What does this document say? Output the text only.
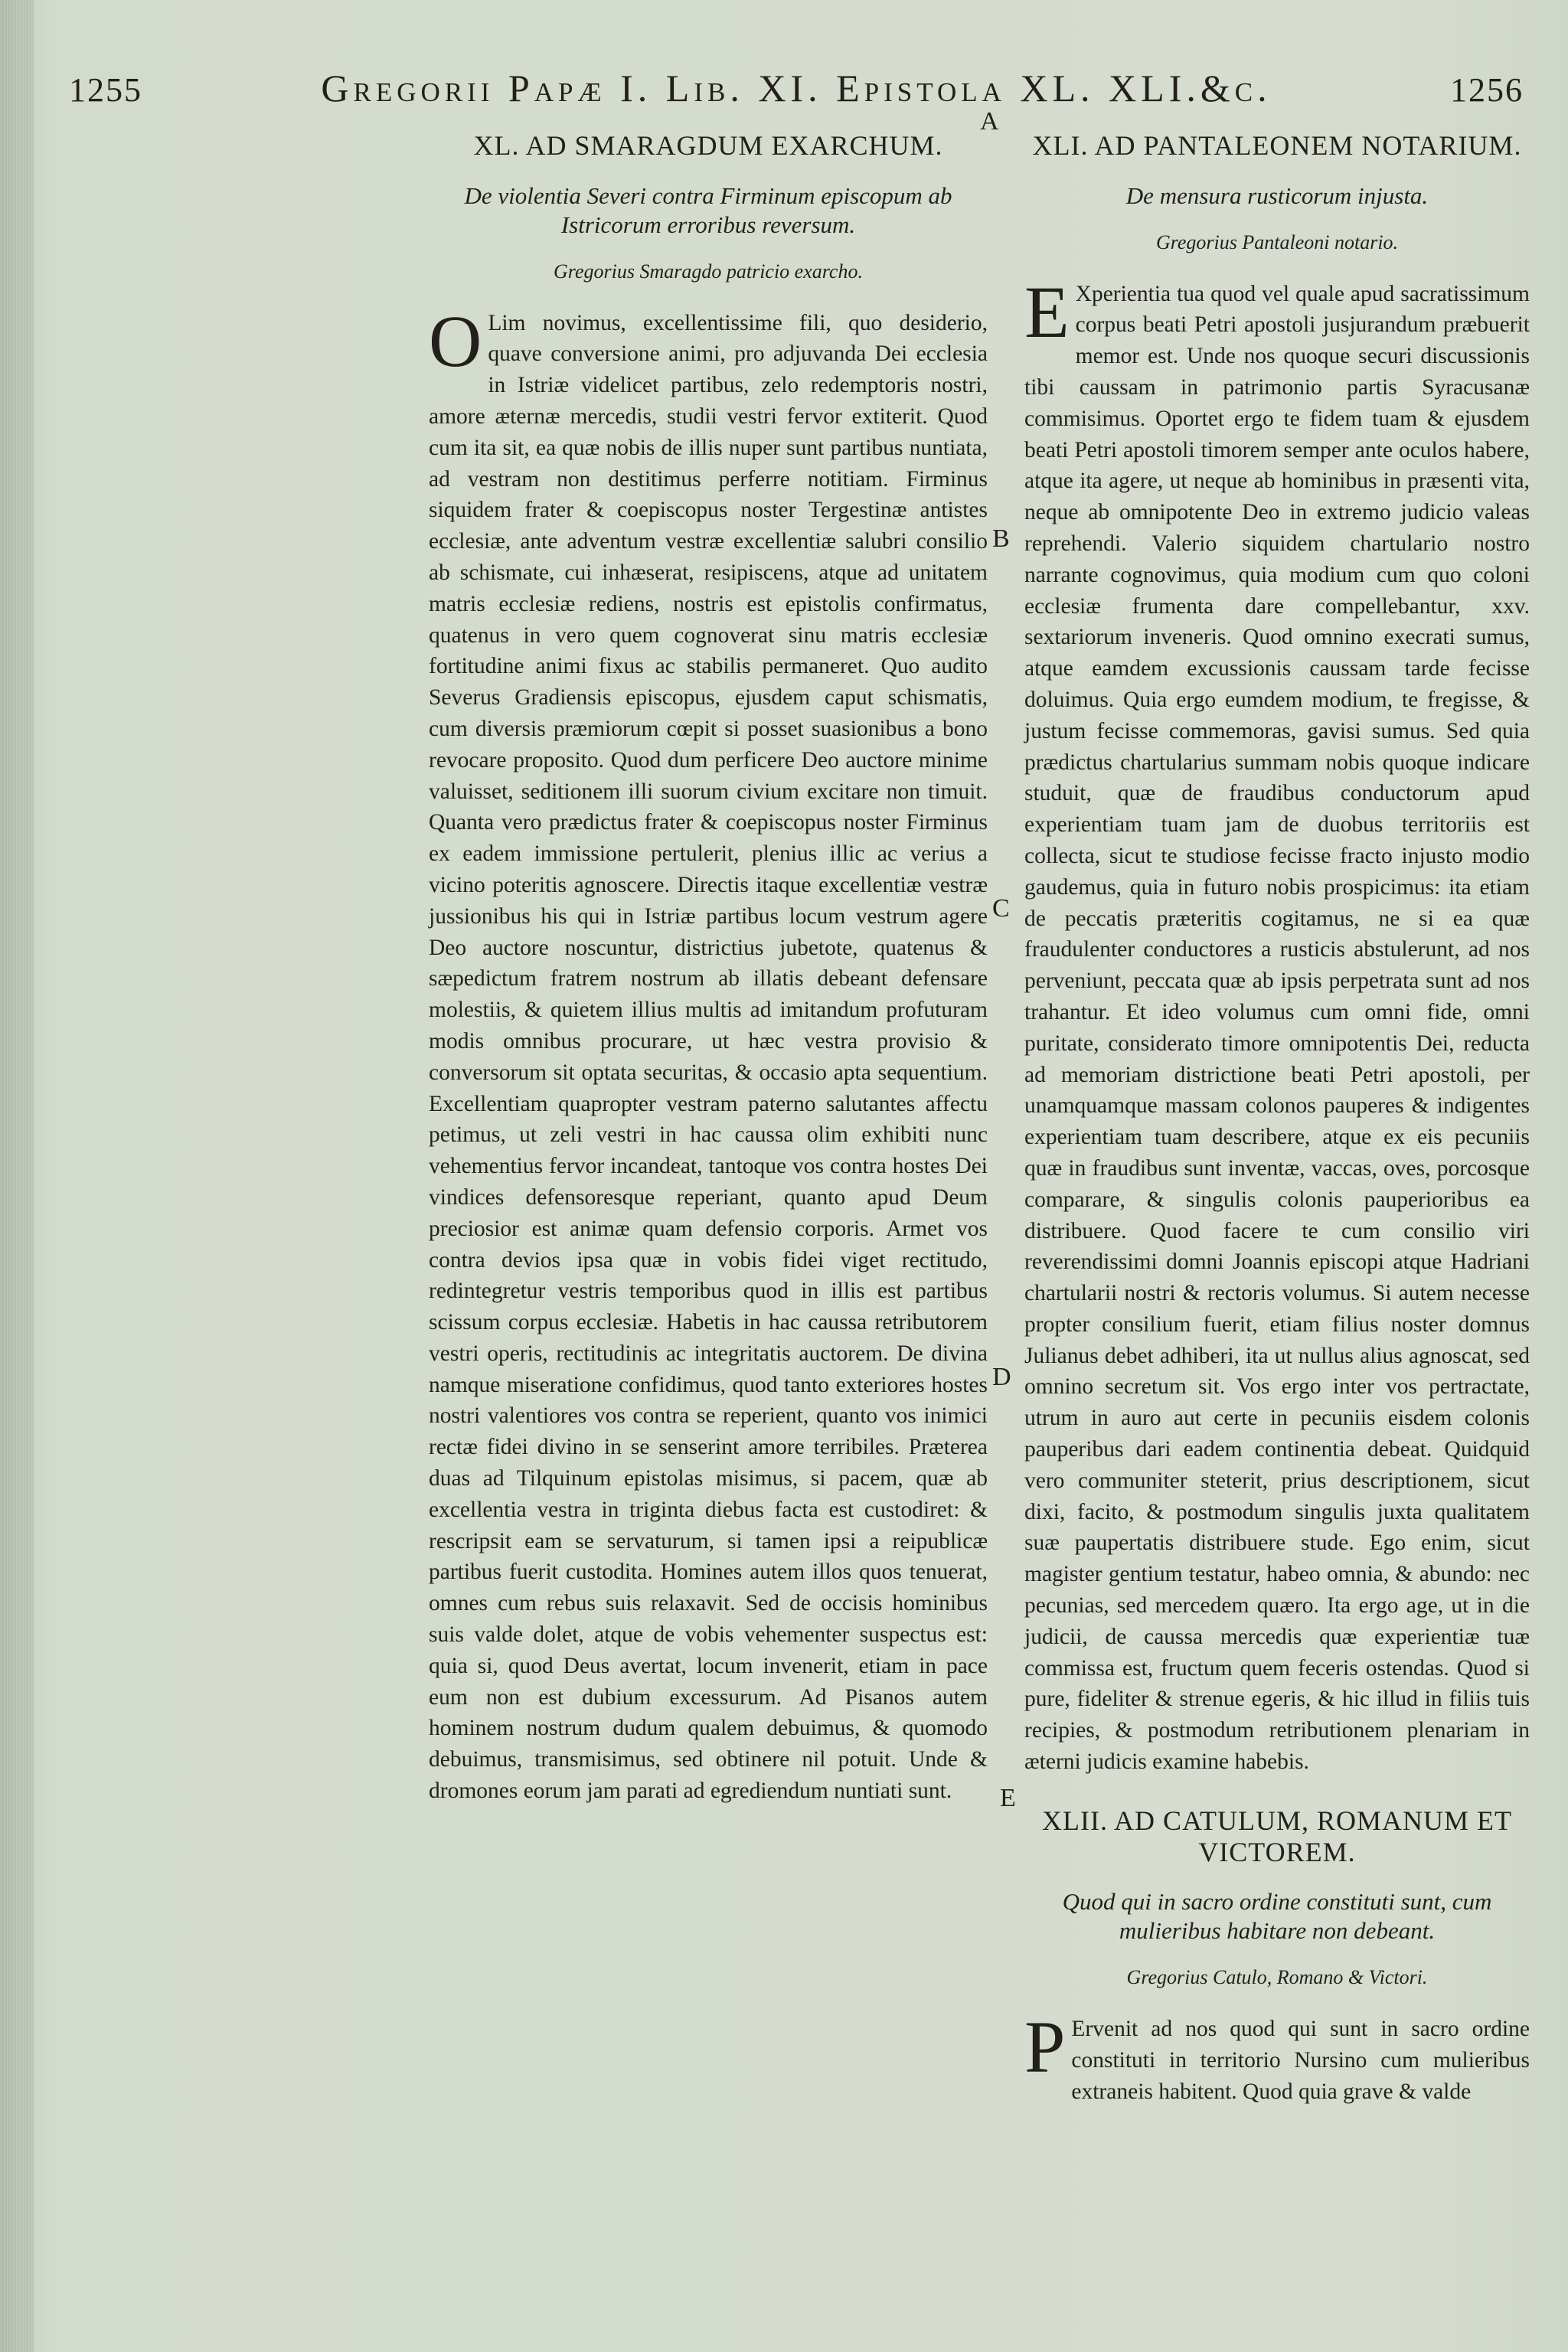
1255	Gregorii Papæ I. Lib. XI. Epistola XL. XLI.&c.	1256
A
B
C
D
E
XL. AD SMARAGDUM EXARCHUM.
De violentia Severi contra Firminum episcopum ab Istricorum erroribus reversum.
Gregorius Smaragdo patricio exarcho.
O Lim novimus, excellentissime fili, quo desiderio, quave conversione animi, pro adjuvanda Dei ecclesia in Istriæ videlicet partibus, zelo redemptoris nostri, amore æternæ mercedis, studii vestri fervor extiterit. Quod cum ita sit, ea quæ nobis de illis nuper sunt partibus nuntiata, ad vestram non destitimus perferre notitiam. Firminus siquidem frater & coepiscopus noster Tergestinæ antistes ecclesiæ, ante adventum vestræ excellentiæ salubri consilio ab schismate, cui inhæserat, resipiscens, atque ad unitatem matris ecclesiæ rediens, nostris est epistolis confirmatus, quatenus in vero quem cognoverat sinu matris ecclesiæ fortitudine animi fixus ac stabilis permaneret. Quo audito Severus Gradiensis episcopus, ejusdem caput schismatis, cum diversis præmiorum cœpit si posset suasionibus a bono revocare proposito. Quod dum perficere Deo auctore minime valuisset, seditionem illi suorum civium excitare non timuit. Quanta vero prædictus frater & coepiscopus noster Firminus ex eadem immissione pertulerit, plenius illic ac verius a vicino poteritis agnoscere. Directis itaque excellentiæ vestræ jussionibus his qui in Istriæ partibus locum vestrum agere Deo auctore noscuntur, districtius jubetote, quatenus & sæpedictum fratrem nostrum ab illatis debeant defensare molestiis, & quietem illius multis ad imitandum profuturam modis omnibus procurare, ut hæc vestra provisio & conversorum sit optata securitas, & occasio apta sequentium. Excellentiam quapropter vestram paterno salutantes affectu petimus, ut zeli vestri in hac caussa olim exhibiti nunc vehementius fervor incandeat, tantoque vos contra hostes Dei vindices defensoresque reperiant, quanto apud Deum preciosior est animæ quam defensio corporis. Armet vos contra devios ipsa quæ in vobis fidei viget rectitudo, redintegretur vestris temporibus quod in illis est partibus scissum corpus ecclesiæ. Habetis in hac caussa retributorem vestri operis, rectitudinis ac integritatis auctorem. De divina namque miseratione confidimus, quod tanto exteriores hostes nostri valentiores vos contra se reperient, quanto vos inimici rectæ fidei divino in se senserint amore terribiles. Præterea duas ad Tilquinum epistolas misimus, si pacem, quæ ab excellentia vestra in triginta diebus facta est custodiret: & rescripsit eam se servaturum, si tamen ipsi a reipublicæ partibus fuerit custodita. Homines autem illos quos tenuerat, omnes cum rebus suis relaxavit. Sed de occisis hominibus suis valde dolet, atque de vobis vehementer suspectus est: quia si, quod Deus avertat, locum invenerit, etiam in pace eum non est dubium excessurum. Ad Pisanos autem hominem nostrum dudum qualem debuimus, & quomodo debuimus, transmisimus, sed obtinere nil potuit. Unde & dromones eorum jam parati ad egrediendum nuntiati sunt.
XLI. AD PANTALEONEM NOTARIUM.
De mensura rusticorum injusta.
Gregorius Pantaleoni notario.
E Xperientia tua quod vel quale apud sacratissimum corpus beati Petri apostoli jusjurandum præbuerit memor est. Unde nos quoque securi discussionis tibi caussam in patrimonio partis Syracusanæ commisimus. Oportet ergo te fidem tuam & ejusdem beati Petri apostoli timorem semper ante oculos habere, atque ita agere, ut neque ab hominibus in præsenti vita, neque ab omnipotente Deo in extremo judicio valeas reprehendi. Valerio siquidem chartulario nostro narrante cognovimus, quia modium cum quo coloni ecclesiæ frumenta dare compellebantur, xxv. sextariorum inveneris. Quod omnino execrati sumus, atque eamdem excussionis caussam tarde fecisse doluimus. Quia ergo eumdem modium, te fregisse, & justum fecisse commemoras, gavisi sumus. Sed quia prædictus chartularius summam nobis quoque indicare studuit, quæ de fraudibus conductorum apud experientiam tuam jam de duobus territoriis est collecta, sicut te studiose fecisse fracto injusto modio gaudemus, quia in futuro nobis prospicimus: ita etiam de peccatis præteritis cogitamus, ne si ea quæ fraudulenter conductores a rusticis abstulerunt, ad nos perveniunt, peccata quæ ab ipsis perpetrata sunt ad nos trahantur. Et ideo volumus cum omni fide, omni puritate, considerato timore omnipotentis Dei, reducta ad memoriam districtione beati Petri apostoli, per unamquamque massam colonos pauperes & indigentes experientiam tuam describere, atque ex eis pecuniis quæ in fraudibus sunt inventæ, vaccas, oves, porcosque comparare, & singulis colonis pauperioribus ea distribuere. Quod facere te cum consilio viri reverendissimi domni Joannis episcopi atque Hadriani chartularii nostri & rectoris volumus. Si autem necesse propter consilium fuerit, etiam filius noster domnus Julianus debet adhiberi, ita ut nullus alius agnoscat, sed omnino secretum sit. Vos ergo inter vos pertractate, utrum in auro aut certe in pecuniis eisdem colonis pauperibus dari eadem continentia debeat. Quidquid vero communiter steterit, prius descriptionem, sicut dixi, facito, & postmodum singulis juxta qualitatem suæ paupertatis distribuere stude. Ego enim, sicut magister gentium testatur, habeo omnia, & abundo: nec pecunias, sed mercedem quæro. Ita ergo age, ut in die judicii, de caussa mercedis quæ experientiæ tuæ commissa est, fructum quem feceris ostendas. Quod si pure, fideliter & strenue egeris, & hic illud in filiis tuis recipies, & postmodum retributionem plenariam in æterni judicis examine habebis.
XLII. AD CATULUM, ROMANUM ET VICTOREM.
Quod qui in sacro ordine constituti sunt, cum mulieribus habitare non debeant.
Gregorius Catulo, Romano & Victori.
P Ervenit ad nos quod qui sunt in sacro ordine constituti in territorio Nursino cum mulieribus extraneis habitent. Quod quia grave & valde
